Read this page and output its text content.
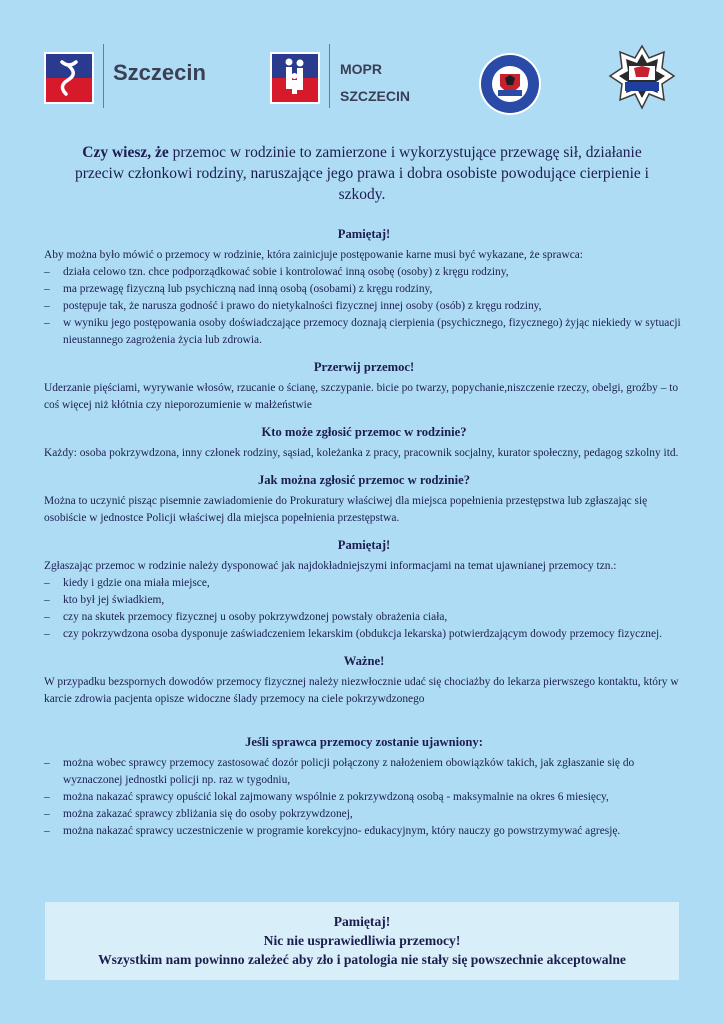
Szczecin	MOPR
SZCZECIN
Czy wiesz, że przemoc w rodzinie to zamierzone i wykorzystujące przewagę sił, działanie przeciw członkowi rodziny, naruszające jego prawa i dobra osobiste powodujące cierpienie i szkody.
Pamiętaj!

Aby można było mówić o przemocy w rodzinie, która zainicjuje postępowanie karne musi być wykazane, że sprawca:

– działa celowo tzn. chce podporządkować sobie i kontrolować inną osobę (osoby) z kręgu rodziny,
– ma przewagę fizyczną lub psychiczną nad inną osobą (osobami) z kręgu rodziny,
– postępuje tak, że narusza godność i prawo do nietykalności fizycznej innej osoby (osób) z kręgu rodziny,
– w wyniku jego postępowania osoby doświadczające przemocy doznają cierpienia (psychicznego, fizycznego) żyjąc niekiedy w sytuacji nieustannego zagrożenia życia lub zdrowia.
Przerwij przemoc!

Uderzanie pięściami, wyrywanie włosów, rzucanie o ścianę, szczypanie. bicie po twarzy, popychanie,niszczenie rzeczy, obelgi, groźby – to coś więcej niż kłótnia czy nieporozumienie w małżeństwie

Kto może zgłosić przemoc w rodzinie?

Każdy: osoba pokrzywdzona, inny członek rodziny, sąsiad, koleżanka z pracy, pracownik socjalny, kurator społeczny, pedagog szkolny itd.

Jak można zgłosić przemoc w rodzinie?

Można to uczynić pisząc pisemnie zawiadomienie do Prokuratury właściwej dla miejsca popełnienia przestępstwa lub zgłaszając się osobiście w jednostce Policji właściwej dla miejsca popełnienia przestępstwa.

Pamiętaj!

Zgłaszając przemoc w rodzinie należy dysponować jak najdokładniejszymi informacjami na temat ujawnianej przemocy tzn.:

– kiedy i gdzie ona miała miejsce,
– kto był jej świadkiem,
– czy na skutek przemocy fizycznej u osoby pokrzywdzonej powstały obrażenia ciała,
– czy pokrzywdzona osoba dysponuje zaświadczeniem lekarskim (obdukcja lekarska) potwierdzającym dowody przemocy fizycznej.
Ważne!

W przypadku bezspornych dowodów przemocy fizycznej należy niezwłocznie udać się chociażby do lekarza pierwszego kontaktu, który w karcie zdrowia pacjenta opisze widoczne ślady przemocy na ciele pokrzywdzonego

Jeśli sprawca przemocy zostanie ujawniony:
– można wobec sprawcy przemocy zastosować dozór policji połączony z nałożeniem obowiązków takich, jak zgłaszanie się do wyznaczonej jednostki policji np. raz w tygodniu,
– można nakazać sprawcy opuścić lokal zajmowany wspólnie z pokrzywdzoną osobą - maksymalnie na okres 6 miesięcy,
– można zakazać sprawcy zbliżania się do osoby pokrzywdzonej,
– można nakazać sprawcy uczestniczenie w programie korekcyjno- edukacyjnym, który nauczy go powstrzymywać agresję.
Pamiętaj!
Nic nie usprawiedliwia przemocy!
Wszystkim nam powinno zależeć aby zło i patologia nie stały się powszechnie akceptowalne
